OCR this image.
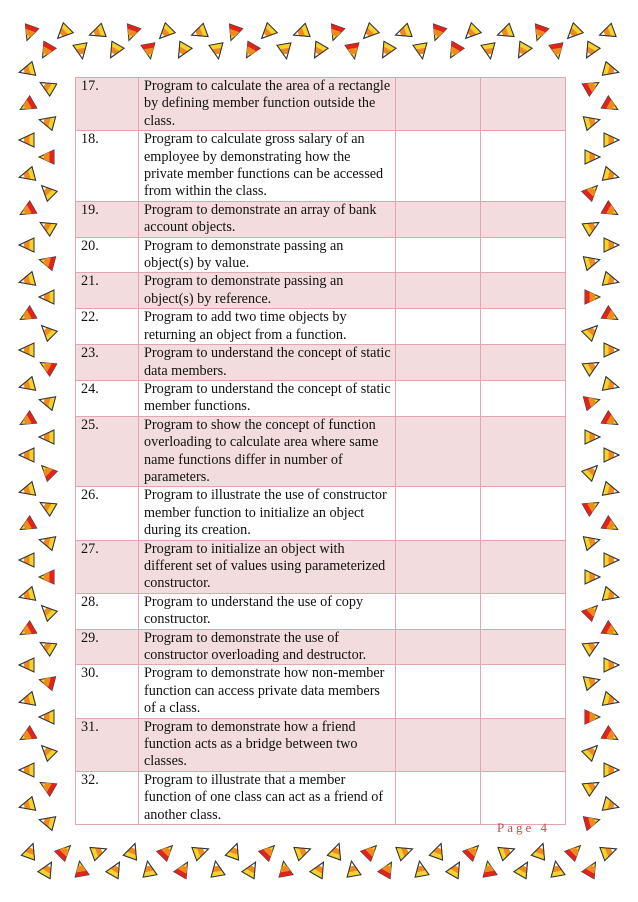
17.	Program to calculate the area of a rectangle by defining member function outside the class.		
18.	Program to calculate gross salary of an employee by demonstrating how the private member functions can be accessed from within the class.		
19.	Program to demonstrate an array of bank account objects.		
20.	Program to demonstrate passing an object(s) by value.		
21.	Program to demonstrate passing an object(s) by reference.		
22.	Program to add two time objects by returning an object from a function.		
23.	Program to understand the concept of static data members.		
24.	Program to understand the concept of static member functions.		
25.	Program to show the concept of function overloading to calculate area where same name functions differ in number of parameters.		
26.	Program to illustrate the use of constructor member function to initialize an object during its creation.		
27.	Program to initialize an object with different set of values using parameterized constructor.		
28.	Program to understand the use of copy constructor.		
29.	Program to demonstrate the use of constructor overloading and destructor.		
30.	Program to demonstrate how non-member function can access private data members of a class.		
31.	Program to demonstrate how a friend function acts as a bridge between two classes.		
32.	Program to illustrate that a member function of one class can act as a friend of another class.		
Page 4
